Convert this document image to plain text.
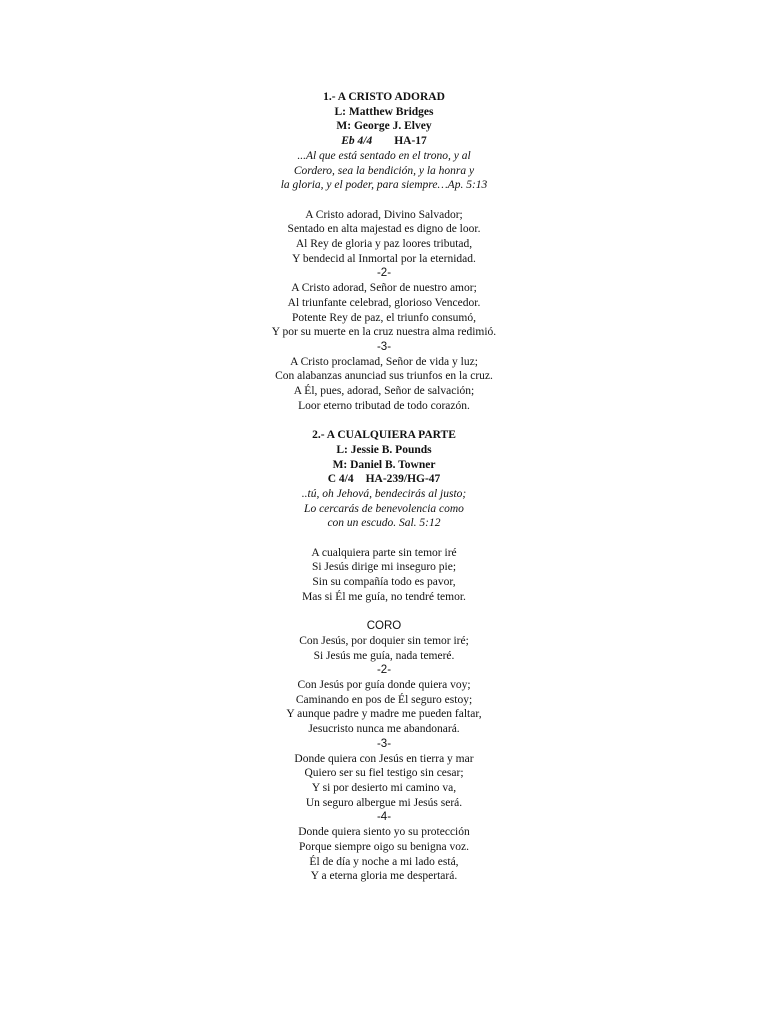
1.- A CRISTO ADORAD
L: Matthew Bridges
M: George J. Elvey
Eb 4/4 HA-17
...Al que está sentado en el trono, y al
Cordero, sea la bendición, y la honra y
la gloria, y el poder, para siempre…Ap. 5:13
A Cristo adorad, Divino Salvador;
Sentado en alta majestad es digno de loor.
Al Rey de gloria y paz loores tributad,
Y bendecid al Inmortal por la eternidad.
-2-
A Cristo adorad, Señor de nuestro amor;
Al triunfante celebrad, glorioso Vencedor.
Potente Rey de paz, el triunfo consumó,
Y por su muerte en la cruz nuestra alma redimió.
-3-
A Cristo proclamad, Señor de vida y luz;
Con alabanzas anunciad sus triunfos en la cruz.
A Él, pues, adorad, Señor de salvación;
Loor eterno tributad de todo corazón.
2.- A CUALQUIERA PARTE
L: Jessie B. Pounds
M: Daniel B. Towner
C 4/4 HA-239/HG-47
..tú, oh Jehová, bendecirás al justo;
Lo cercarás de benevolencia como
con un escudo. Sal. 5:12
A cualquiera parte sin temor iré
Si Jesús dirige mi inseguro pie;
Sin su compañía todo es pavor,
Mas si Él me guía, no tendré temor.
CORO
Con Jesús, por doquier sin temor iré;
Si Jesús me guía, nada temeré.
-2-
Con Jesús por guía donde quiera voy;
Caminando en pos de Él seguro estoy;
Y aunque padre y madre me pueden faltar,
Jesucristo nunca me abandonará.
-3-
Donde quiera con Jesús en tierra y mar
Quiero ser su fiel testigo sin cesar;
Y si por desierto mi camino va,
Un seguro albergue mi Jesús será.
-4-
Donde quiera siento yo su protección
Porque siempre oigo su benigna voz.
Él de día y noche a mi lado está,
Y a eterna gloria me despertará.
